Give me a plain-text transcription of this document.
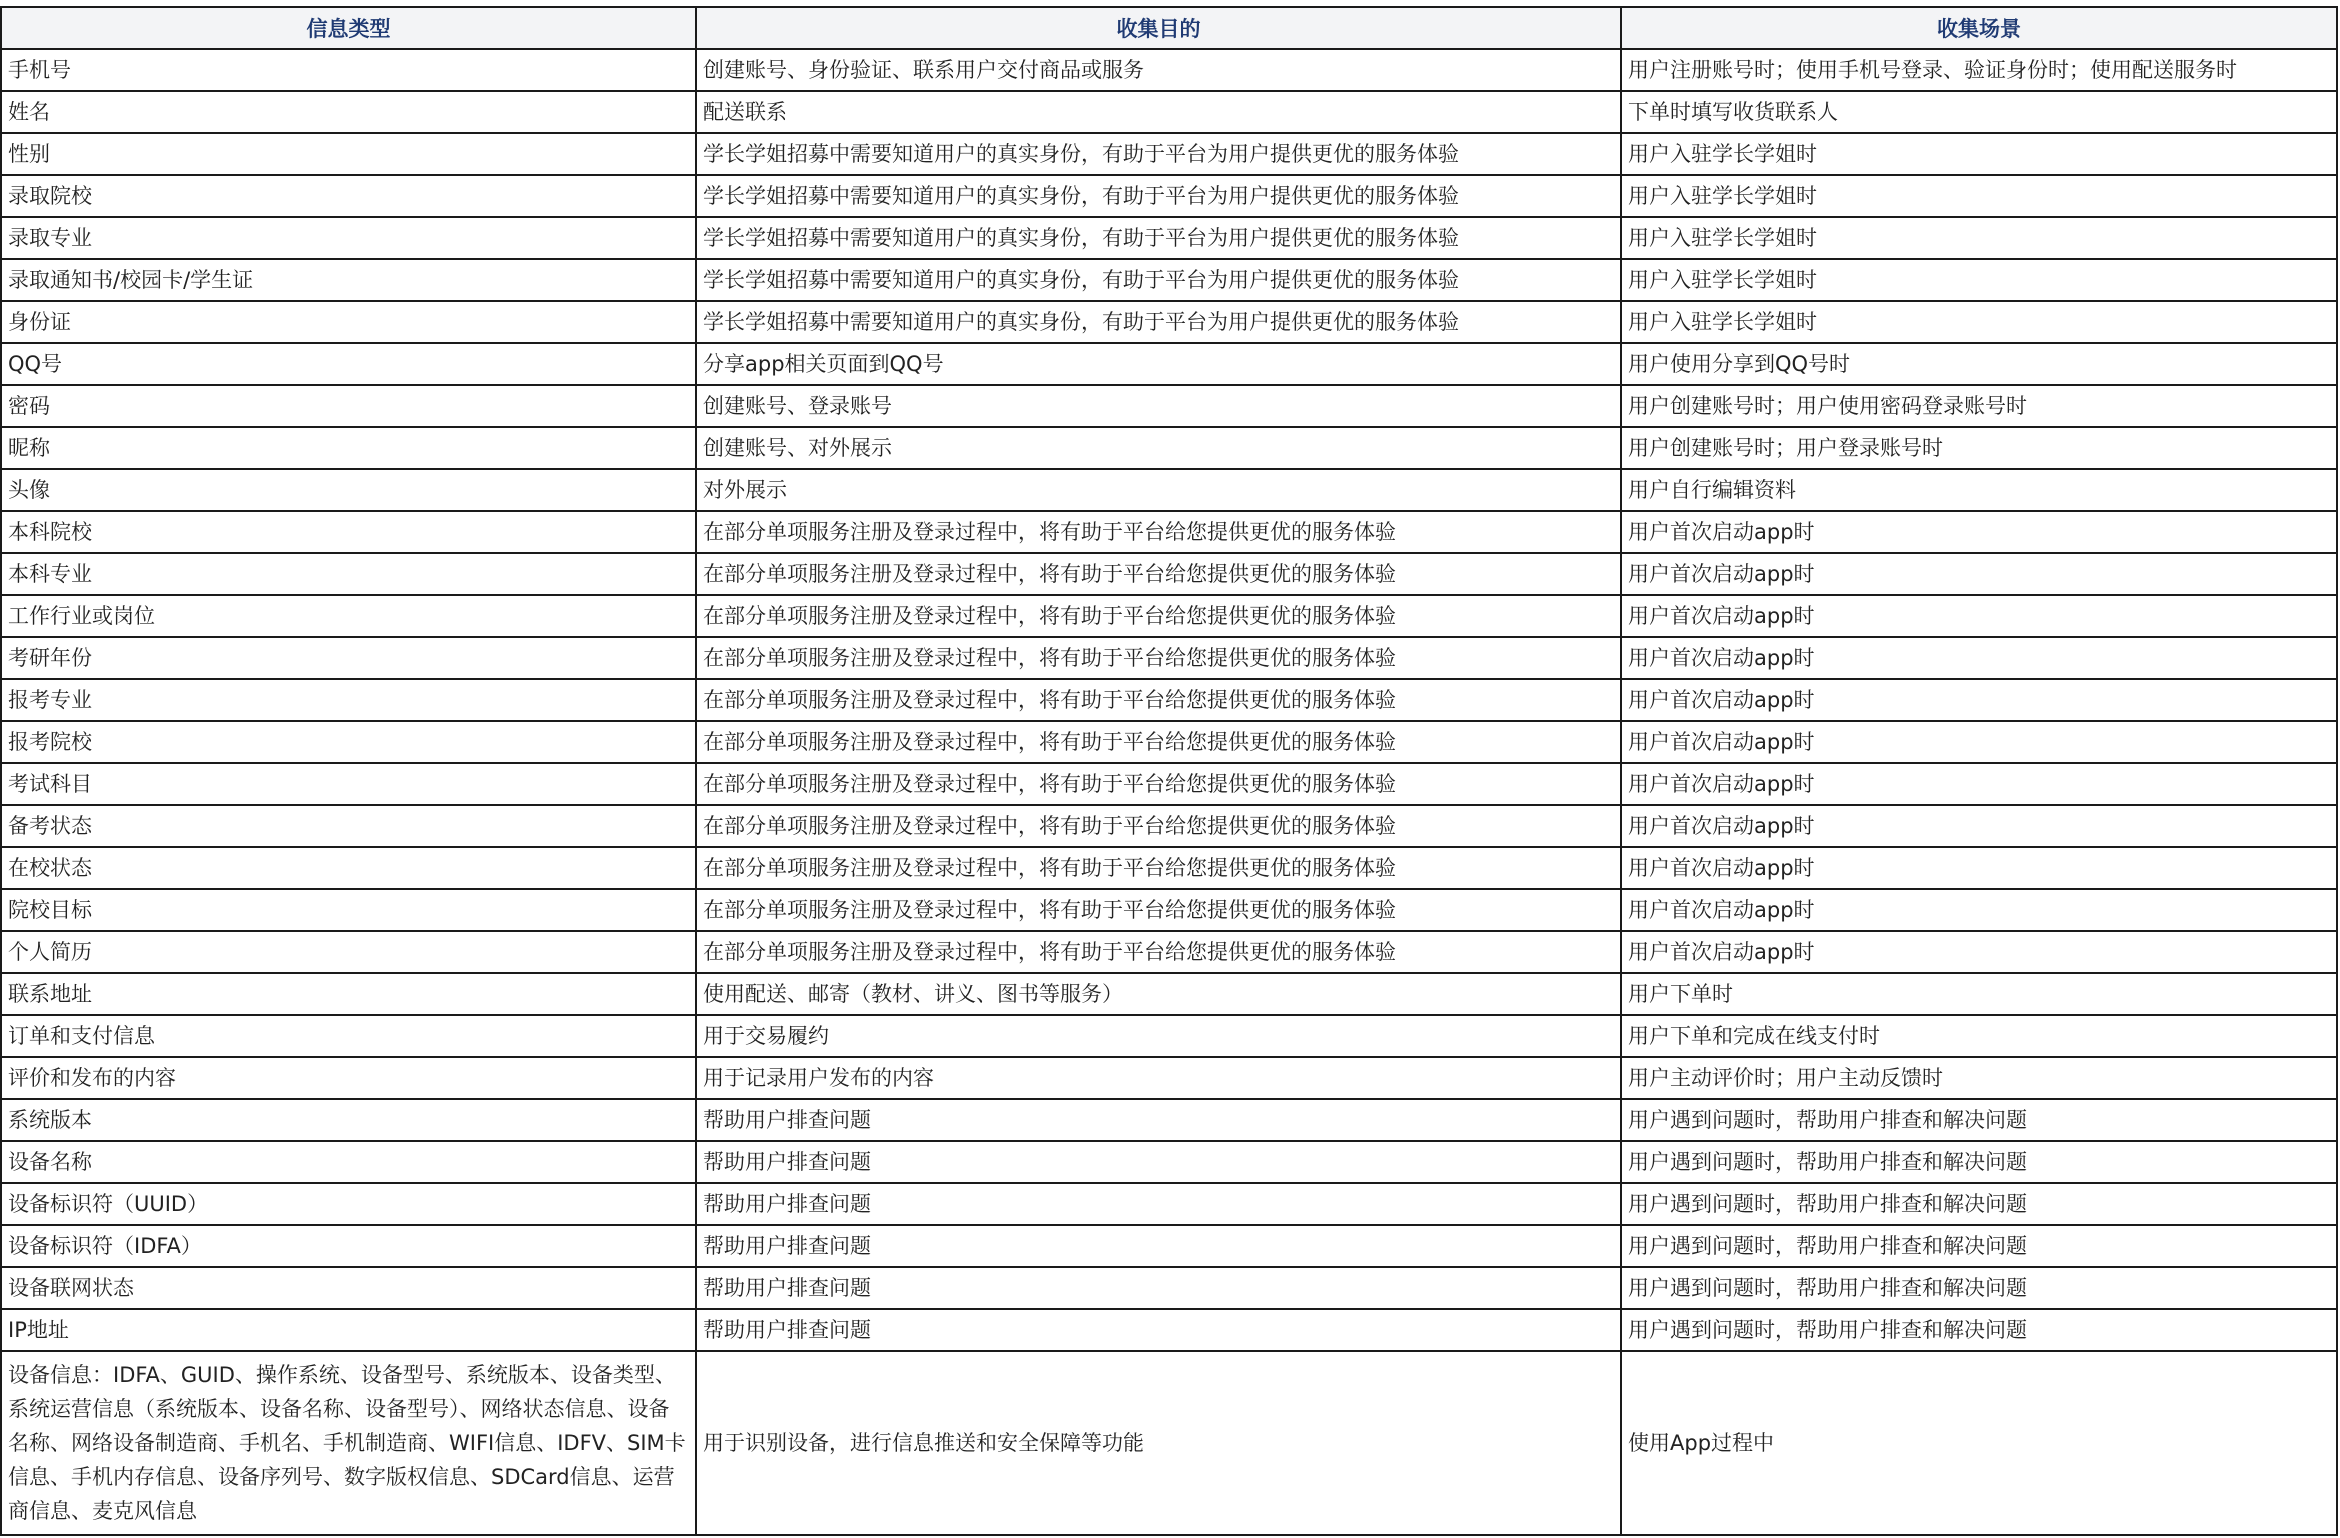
信息类型	收集目的	收集场景
手机号	创建账号、身份验证、联系用户交付商品或服务	用户注册账号时；使用手机号登录、验证身份时；使用配送服务时
姓名	配送联系	下单时填写收货联系人
性别	学长学姐招募中需要知道用户的真实身份，有助于平台为用户提供更优的服务体验	用户入驻学长学姐时
录取院校	学长学姐招募中需要知道用户的真实身份，有助于平台为用户提供更优的服务体验	用户入驻学长学姐时
录取专业	学长学姐招募中需要知道用户的真实身份，有助于平台为用户提供更优的服务体验	用户入驻学长学姐时
录取通知书/校园卡/学生证	学长学姐招募中需要知道用户的真实身份，有助于平台为用户提供更优的服务体验	用户入驻学长学姐时
身份证	学长学姐招募中需要知道用户的真实身份，有助于平台为用户提供更优的服务体验	用户入驻学长学姐时
QQ号	分享app相关页面到QQ号	用户使用分享到QQ号时
密码	创建账号、登录账号	用户创建账号时；用户使用密码登录账号时
昵称	创建账号、对外展示	用户创建账号时；用户登录账号时
头像	对外展示	用户自行编辑资料
本科院校	在部分单项服务注册及登录过程中，将有助于平台给您提供更优的服务体验	用户首次启动app时
本科专业	在部分单项服务注册及登录过程中，将有助于平台给您提供更优的服务体验	用户首次启动app时
工作行业或岗位	在部分单项服务注册及登录过程中，将有助于平台给您提供更优的服务体验	用户首次启动app时
考研年份	在部分单项服务注册及登录过程中，将有助于平台给您提供更优的服务体验	用户首次启动app时
报考专业	在部分单项服务注册及登录过程中，将有助于平台给您提供更优的服务体验	用户首次启动app时
报考院校	在部分单项服务注册及登录过程中，将有助于平台给您提供更优的服务体验	用户首次启动app时
考试科目	在部分单项服务注册及登录过程中，将有助于平台给您提供更优的服务体验	用户首次启动app时
备考状态	在部分单项服务注册及登录过程中，将有助于平台给您提供更优的服务体验	用户首次启动app时
在校状态	在部分单项服务注册及登录过程中，将有助于平台给您提供更优的服务体验	用户首次启动app时
院校目标	在部分单项服务注册及登录过程中，将有助于平台给您提供更优的服务体验	用户首次启动app时
个人简历	在部分单项服务注册及登录过程中，将有助于平台给您提供更优的服务体验	用户首次启动app时
联系地址	使用配送、邮寄（教材、讲义、图书等服务）	用户下单时
订单和支付信息	用于交易履约	用户下单和完成在线支付时
评价和发布的内容	用于记录用户发布的内容	用户主动评价时；用户主动反馈时
系统版本	帮助用户排查问题	用户遇到问题时，帮助用户排查和解决问题
设备名称	帮助用户排查问题	用户遇到问题时，帮助用户排查和解决问题
设备标识符（UUID）	帮助用户排查问题	用户遇到问题时，帮助用户排查和解决问题
设备标识符（IDFA）	帮助用户排查问题	用户遇到问题时，帮助用户排查和解决问题
设备联网状态	帮助用户排查问题	用户遇到问题时，帮助用户排查和解决问题
IP地址	帮助用户排查问题	用户遇到问题时，帮助用户排查和解决问题
设备信息：IDFA、GUID、操作系统、设备型号、系统版本、设备类型、系统运营信息（系统版本、设备名称、设备型号）、网络状态信息、设备名称、网络设备制造商、手机名、手机制造商、WIFI信息、IDFV、SIM卡信息、手机内存信息、设备序列号、数字版权信息、SDCard信息、运营商信息、麦克风信息	用于识别设备，进行信息推送和安全保障等功能	使用App过程中
